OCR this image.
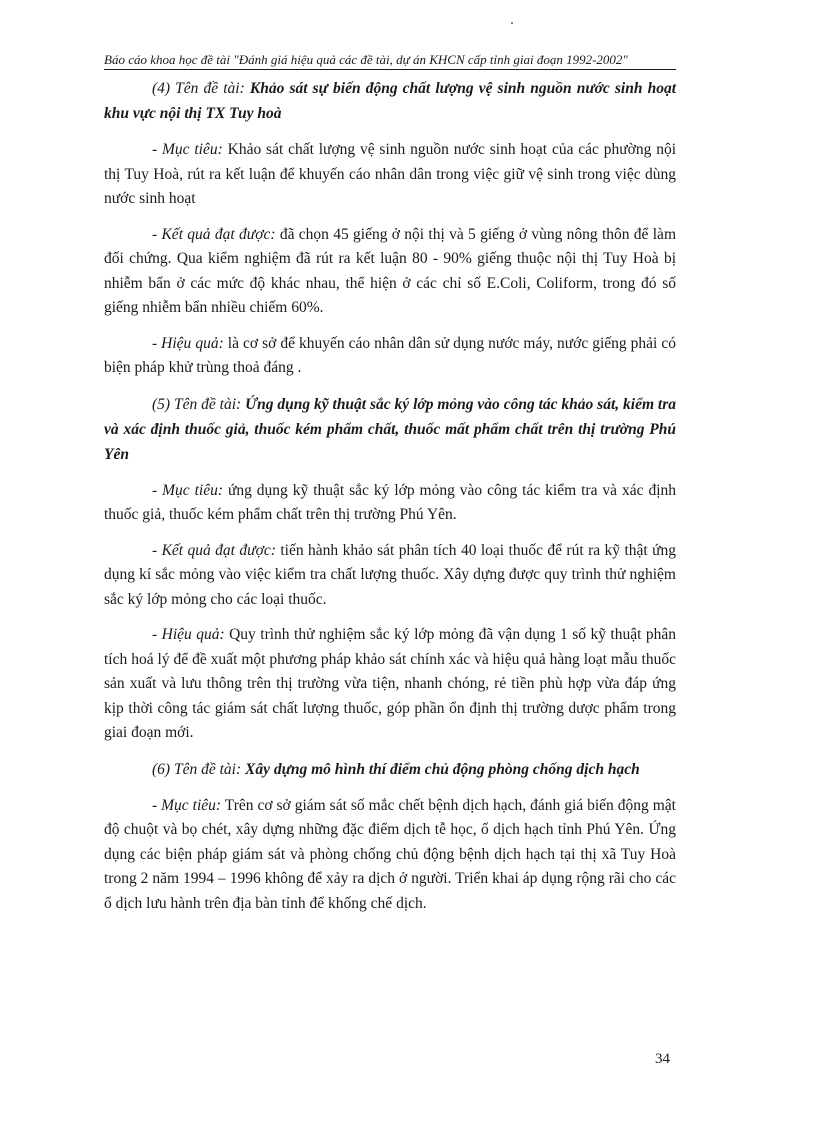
Báo cáo khoa học đề tài "Đánh giá hiệu quả các đề tài, dự án KHCN cấp tỉnh giai đoạn 1992-2002"

(4) Tên đề tài: Khảo sát sự biến động chất lượng vệ sinh nguồn nước sinh hoạt khu vực nội thị TX Tuy hoà

- Mục tiêu: Khảo sát chất lượng vệ sinh nguồn nước sinh hoạt của các phường nội thị Tuy Hoà, rút ra kết luận để khuyến cáo nhân dân trong việc giữ vệ sinh trong việc dùng nước sinh hoạt

- Kết quả đạt được: đã chọn 45 giếng ở nội thị và 5 giếng ở vùng nông thôn để làm đối chứng. Qua kiểm nghiệm đã rút ra kết luận 80 - 90% giếng thuộc nội thị Tuy Hoà bị nhiễm bẩn ở các mức độ khác nhau, thể hiện ở các chỉ số E.Coli, Coliform, trong đó số giếng nhiễm bẩn nhiều chiếm 60%.

- Hiệu quả: là cơ sở để khuyến cáo nhân dân sử dụng nước máy, nước giếng phải có biện pháp khử trùng thoả đáng .

(5) Tên đề tài: Ứng dụng kỹ thuật sắc ký lớp mỏng vào công tác khảo sát, kiểm tra và xác định thuốc giả, thuốc kém phẩm chất, thuốc mất phẩm chất trên thị trường Phú Yên

- Mục tiêu: ứng dụng kỹ thuật sắc ký lớp mỏng vào công tác kiểm tra và xác định thuốc giả, thuốc kém phẩm chất trên thị trường Phú Yên.

- Kết quả đạt được: tiến hành khảo sát phân tích 40 loại thuốc để rút ra kỹ thật ứng dụng kí sắc mỏng vào việc kiểm tra chất lượng thuốc. Xây dựng được quy trình thử nghiệm sắc ký lớp mỏng cho các loại thuốc.

- Hiệu quả: Quy trình thử nghiệm sắc ký lớp mỏng đã vận dụng 1 số kỹ thuật phân tích hoá lý để đề xuất một phương pháp khảo sát chính xác và hiệu quả hàng loạt mẫu thuốc sản xuất và lưu thông trên thị trường vừa tiện, nhanh chóng, rẻ tiền phù hợp vừa đáp ứng kịp thời công tác giám sát chất lượng thuốc, góp phần ổn định thị trường dược phẩm trong giai đoạn mới.

(6) Tên đề tài: Xây dựng mô hình thí điểm chủ động phòng chống dịch hạch

- Mục tiêu: Trên cơ sở giám sát số mắc chết bệnh dịch hạch, đánh giá biến động mật độ chuột và bọ chét, xây dựng những đặc điểm dịch tễ học, ổ dịch hạch tỉnh Phú Yên. Ứng dụng các biện pháp giám sát và phòng chống chủ động bệnh dịch hạch tại thị xã Tuy Hoà trong 2 năm 1994 – 1996 không để xảy ra dịch ở người. Triển khai áp dụng rộng rãi cho các ổ dịch lưu hành trên địa bàn tỉnh để khống chế dịch.

34
